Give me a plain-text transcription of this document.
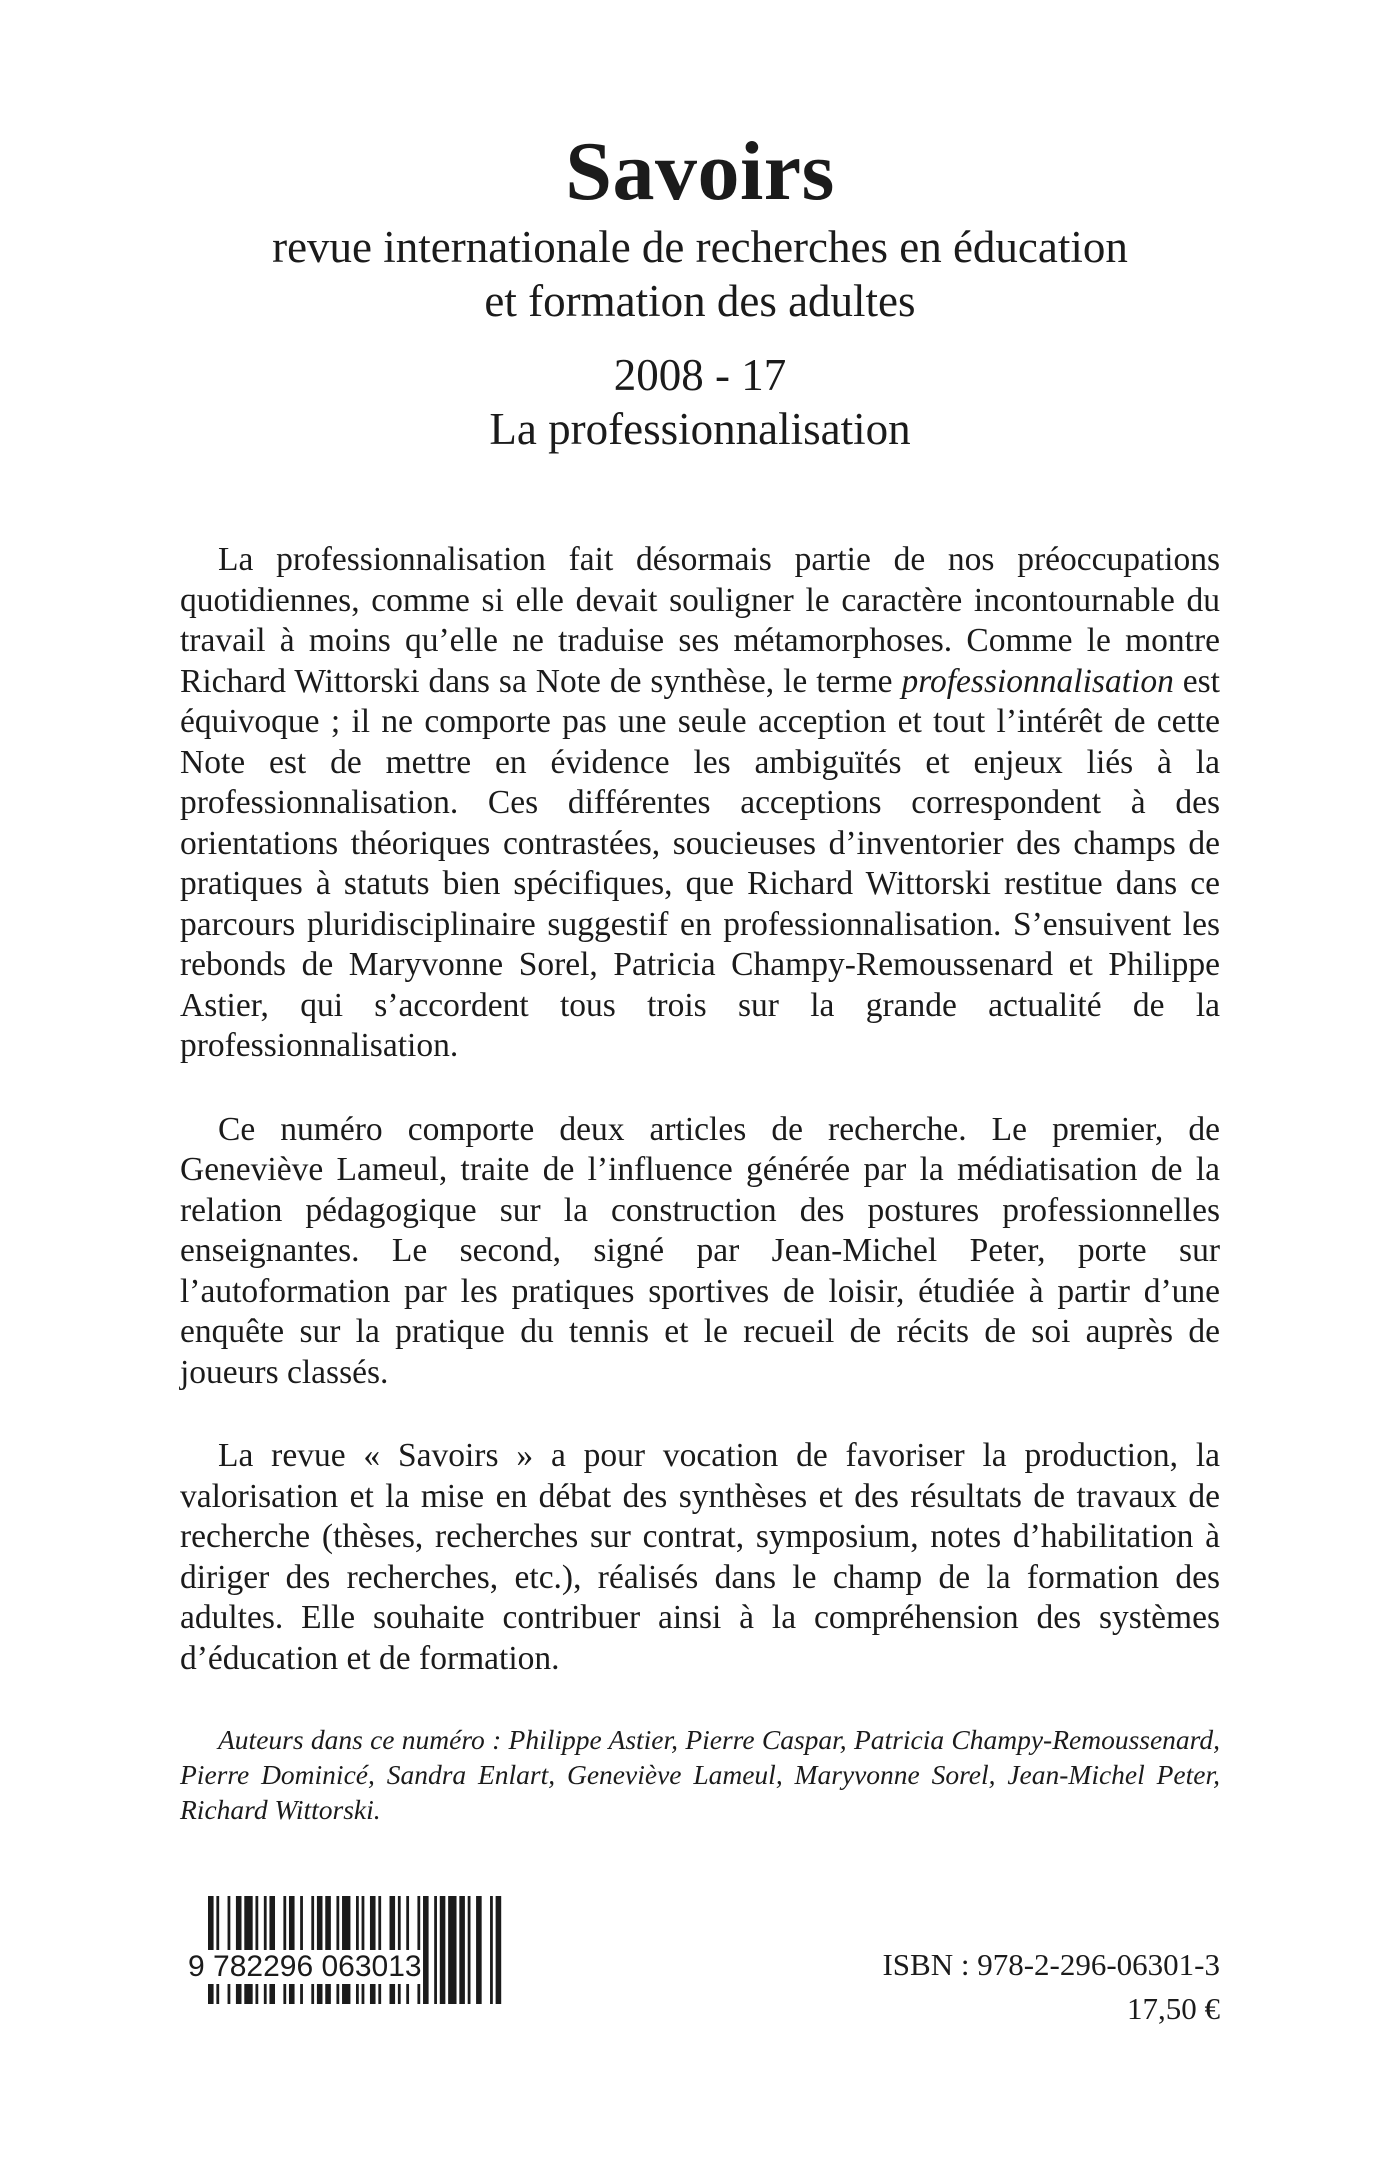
Savoirs
revue internationale de recherches en éducation
et formation des adultes
2008 - 17
La professionnalisation

La professionnalisation fait désormais partie de nos préoccupations quotidiennes, comme si elle devait souligner le caractère incontournable du travail à moins qu’elle ne traduise ses métamorphoses. Comme le montre Richard Wittorski dans sa Note de synthèse, le terme professionnalisation est équivoque ; il ne comporte pas une seule acception et tout l’intérêt de cette Note est de mettre en évidence les ambiguïtés et enjeux liés à la professionnalisation. Ces différentes acceptions correspondent à des orientations théoriques contrastées, soucieuses d’inventorier des champs de pratiques à statuts bien spécifiques, que Richard Wittorski restitue dans ce parcours pluridisciplinaire suggestif en professionnalisation. S’ensuivent les rebonds de Maryvonne Sorel, Patricia Champy-Remoussenard et Philippe Astier, qui s’accordent tous trois sur la grande actualité de la professionnalisation.

Ce numéro comporte deux articles de recherche. Le premier, de Geneviève Lameul, traite de l’influence générée par la médiatisation de la relation pédagogique sur la construction des postures professionnelles enseignantes. Le second, signé par Jean-Michel Peter, porte sur l’autoformation par les pratiques sportives de loisir, étudiée à partir d’une enquête sur la pratique du tennis et le recueil de récits de soi auprès de joueurs classés.

La revue « Savoirs » a pour vocation de favoriser la production, la valorisation et la mise en débat des synthèses et des résultats de travaux de recherche (thèses, recherches sur contrat, symposium, notes d’habilitation à diriger des recherches, etc.), réalisés dans le champ de la formation des adultes. Elle souhaite contribuer ainsi à la compréhension des systèmes d’éducation et de formation.

Auteurs dans ce numéro : Philippe Astier, Pierre Caspar, Patricia Champy-Remoussenard, Pierre Dominicé, Sandra Enlart, Geneviève Lameul, Maryvonne Sorel, Jean-Michel Peter, Richard Wittorski.

9 782296 063013	ISBN : 978-2-296-06301-3
17,50 €
